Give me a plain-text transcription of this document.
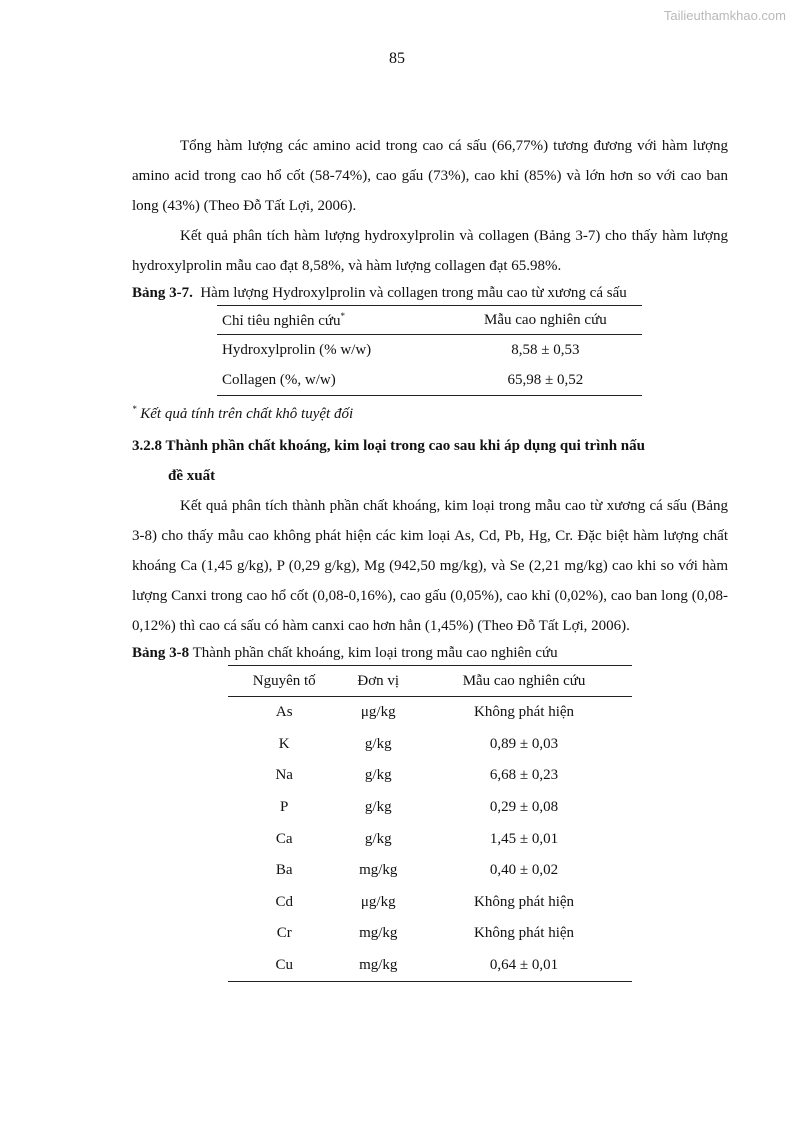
Tailieuthamkhao.com
85

Tổng hàm lượng các amino acid trong cao cá sấu (66,77%) tương đương với hàm lượng amino acid trong cao hổ cốt (58-74%), cao gấu (73%), cao khỉ (85%) và lớn hơn so với cao ban long (43%) (Theo Đỗ Tất Lợi, 2006).

Kết quả phân tích hàm lượng hydroxylprolin và collagen (Bảng 3-7) cho thấy hàm lượng hydroxylprolin mẫu cao đạt 8,58%, và hàm lượng collagen đạt 65.98%.

Bảng 3-7. Hàm lượng Hydroxylprolin và collagen trong mẫu cao từ xương cá sấu

Chỉ tiêu nghiên cứu*	Mẫu cao nghiên cứu
Hydroxylprolin (% w/w)	8,58 ± 0,53
Collagen (%, w/w)	65,98 ± 0,52

* Kết quả tính trên chất khô tuyệt đối

3.2.8 Thành phần chất khoáng, kim loại trong cao sau khi áp dụng qui trình nấu
đề xuất

Kết quả phân tích thành phần chất khoáng, kim loại trong mẫu cao từ xương cá sấu (Bảng 3-8) cho thấy mẫu cao không phát hiện các kim loại As, Cd, Pb, Hg, Cr. Đặc biệt hàm lượng chất khoáng Ca (1,45 g/kg), P (0,29 g/kg), Mg (942,50 mg/kg), và Se (2,21 mg/kg) cao khi so với hàm lượng Canxi trong cao hổ cốt (0,08-0,16%), cao gấu (0,05%), cao khỉ (0,02%), cao ban long (0,08-0,12%) thì cao cá sấu có hàm canxi cao hơn hẳn (1,45%) (Theo Đỗ Tất Lợi, 2006).

Bảng 3-8 Thành phần chất khoáng, kim loại trong mẫu cao nghiên cứu

Nguyên tố	Đơn vị	Mẫu cao nghiên cứu
As	μg/kg	Không phát hiện
K	g/kg	0,89 ± 0,03
Na	g/kg	6,68 ± 0,23
P	g/kg	0,29 ± 0,08
Ca	g/kg	1,45 ± 0,01
Ba	mg/kg	0,40 ± 0,02
Cd	μg/kg	Không phát hiện
Cr	mg/kg	Không phát hiện
Cu	mg/kg	0,64 ± 0,01
